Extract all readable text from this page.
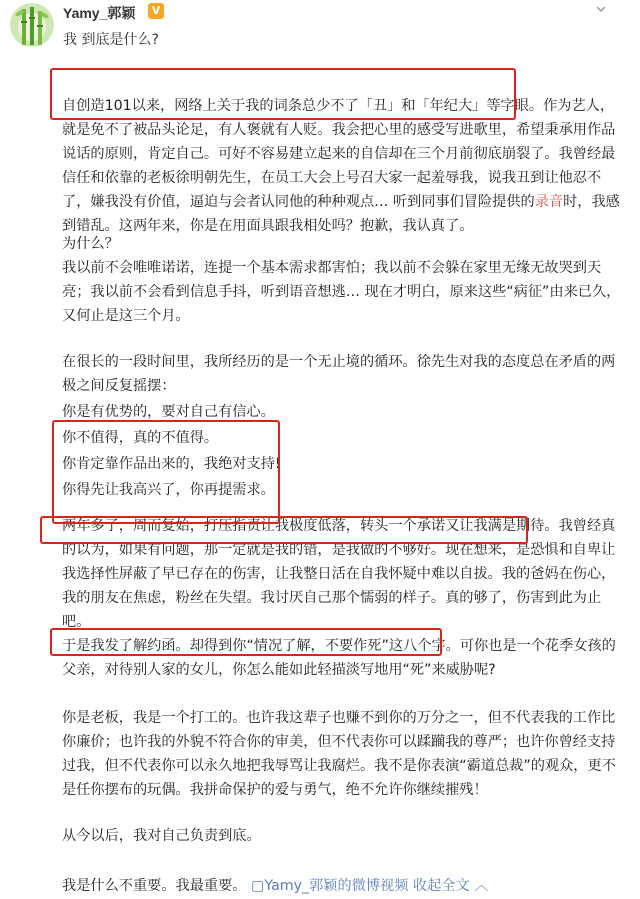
Yamy_郭颖	V
我 到底是什么?

自创造101以来，网络上关于我的词条总少不了「丑」和「年纪大」等字眼。作为艺人，就是免不了被品头论足，有人褒就有人贬。我会把心里的感受写进歌里，希望秉承用作品说话的原则，肯定自己。可好不容易建立起来的自信却在三个月前彻底崩裂了。我曾经最信任和依靠的老板徐明朝先生，在员工大会上号召大家一起羞辱我，说我丑到让他忍不了，嫌我没有价值，逼迫与会者认同他的种种观点… 听到同事们冒险提供的录音时，我感到错乱。这两年来，你是在用面具跟我相处吗？抱歉，我认真了。

为什么？

我以前不会唯唯诺诺，连提一个基本需求都害怕；我以前不会躲在家里无缘无故哭到天亮；我以前不会看到信息手抖，听到语音想逃… 现在才明白，原来这些“病征”由来已久，又何止是这三个月。

在很长的一段时间里，我所经历的是一个无止境的循环。徐先生对我的态度总在矛盾的两极之间反复摇摆：

你是有优势的，要对自己有信心。

你不值得，真的不值得。

你肯定靠作品出来的，我绝对支持!

你得先让我高兴了，你再提需求。

两年多了，周而复始，打压指责让我极度低落，转头一个承诺又让我满是期待。我曾经真的以为，如果有问题，那一定就是我的错，是我做的不够好。现在想来，是恐惧和自卑让我选择性屏蔽了早已存在的伤害，让我整日活在自我怀疑中难以自拔。我的爸妈在伤心，我的朋友在焦虑，粉丝在失望。我讨厌自己那个懦弱的样子。真的够了，伤害到此为止吧。

于是我发了解约函。却得到你“情况了解，不要作死”这八个字。可你也是一个花季女孩的父亲，对待别人家的女儿，你怎么能如此轻描淡写地用“死”来威胁呢?

你是老板，我是一个打工的。也许我这辈子也赚不到你的万分之一，但不代表我的工作比你廉价；也许我的外貌不符合你的审美，但不代表你可以蹂躏我的尊严；也许你曾经支持过我，但不代表你可以永久地把我辱骂让我腐烂。我不是你表演“霸道总裁”的观众，更不是任你摆布的玩偶。我拼命保护的爱与勇气，绝不允许你继续摧残！

从今以后，我对自己负责到底。

我是什么不重要。我最重要。 ▢Yamy_郭颖的微博视频 收起全文 ︿
